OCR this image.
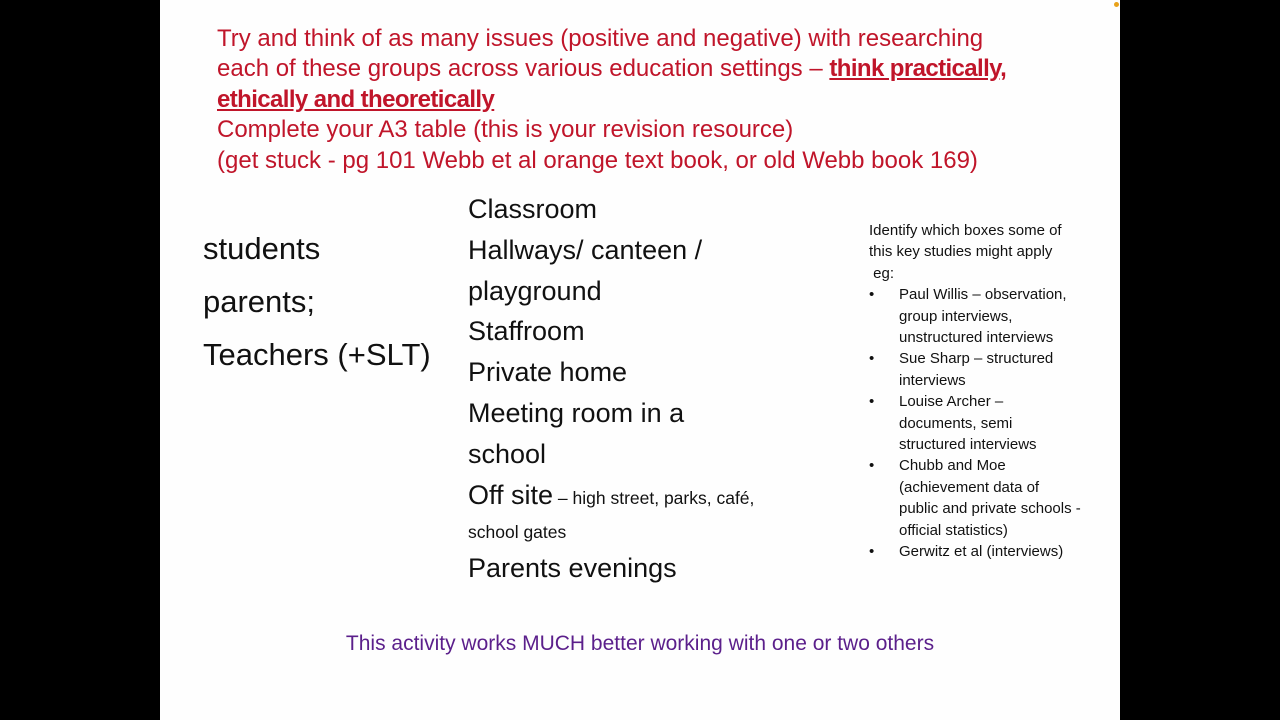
Try and think of as many issues (positive and negative) with researching
each of these groups across various education settings – think practically,
ethically and theoretically
Complete your A3 table (this is your revision resource)
(get stuck - pg 101 Webb et al orange text book, or old Webb book 169)
students
parents;
Teachers (+SLT)
Classroom
Hallways/ canteen /
playground
Staffroom
Private home
Meeting room in a
school
Off site – high street, parks, café,
school gates
Parents evenings
Identify which boxes some of
this key studies might apply
eg:
• Paul Willis – observation,
group interviews,
unstructured interviews
• Sue Sharp – structured
interviews
• Louise Archer –
documents, semi
structured interviews
• Chubb and Moe
(achievement data of
public and private schools -
official statistics)
• Gerwitz et al (interviews)
This activity works MUCH better working with one or two others
